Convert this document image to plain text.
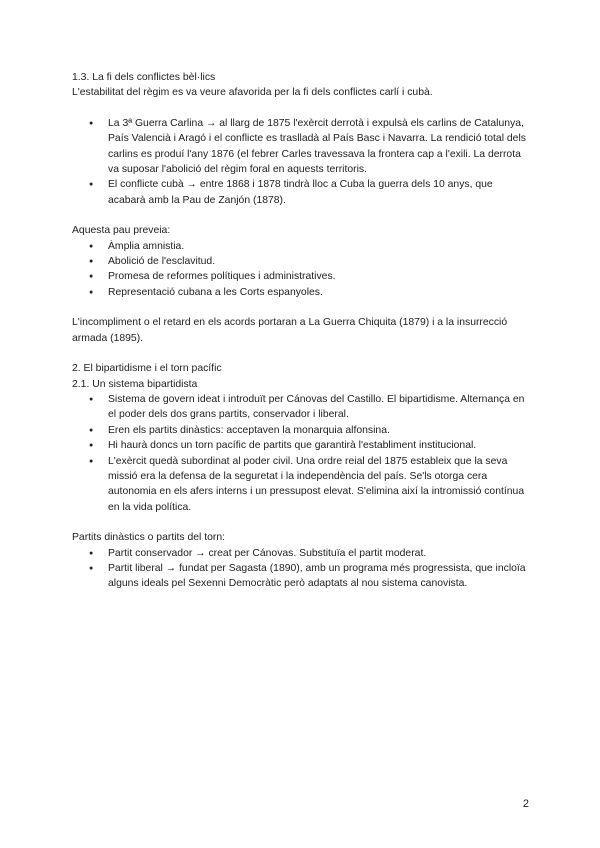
1.3. La fi dels conflictes bèl·lics

L'estabilitat del règim es va veure afavorida per la fi dels conflictes carlí i cubà.

● La 3ª Guerra Carlina → al llarg de 1875 l'exèrcit derrotà i expulsà els carlins de Catalunya, País Valencià i Aragó i el conflicte es traslladà al País Basc i Navarra. La rendició total dels carlins es produí l'any 1876 (el febrer Carles travessava la frontera cap a l'exili. La derrota va suposar l'abolició del règim foral en aquests territoris.
● El conflicte cubà → entre 1868 i 1878 tindrà lloc a Cuba la guerra dels 10 anys, que acabarà amb la Pau de Zanjón (1878).

Aquesta pau preveia:

● Àmplia amnistia.
● Abolició de l'esclavitud.
● Promesa de reformes polítiques i administratives.
● Representació cubana a les Corts espanyoles.

L'incompliment o el retard en els acords portaran a La Guerra Chiquita (1879) i a la insurrecció armada (1895).

2. El bipartidisme i el torn pacífic

2.1. Un sistema bipartidista

● Sistema de govern ideat i introduït per Cánovas del Castillo. El bipartidisme. Alternança en el poder dels dos grans partits, conservador i liberal.
● Eren els partits dinàstics: acceptaven la monarquia alfonsina.
● Hi haurà doncs un torn pacífic de partits que garantirà l'establiment institucional.
● L'exèrcit quedà subordinat al poder civil. Una ordre reial del 1875 estableix que la seva missió era la defensa de la seguretat i la independència del país. Se'ls otorga cera autonomia en els afers interns i un pressupost elevat. S'elimina així la intromissió contínua en la vida política.

Partits dinàstics o partits del torn:

● Partit conservador → creat per Cánovas. Substituïa el partit moderat.
● Partit liberal → fundat per Sagasta (1890), amb un programa més progressista, que incloïa alguns ideals pel Sexenni Democràtic però adaptats al nou sistema canovista.
2
